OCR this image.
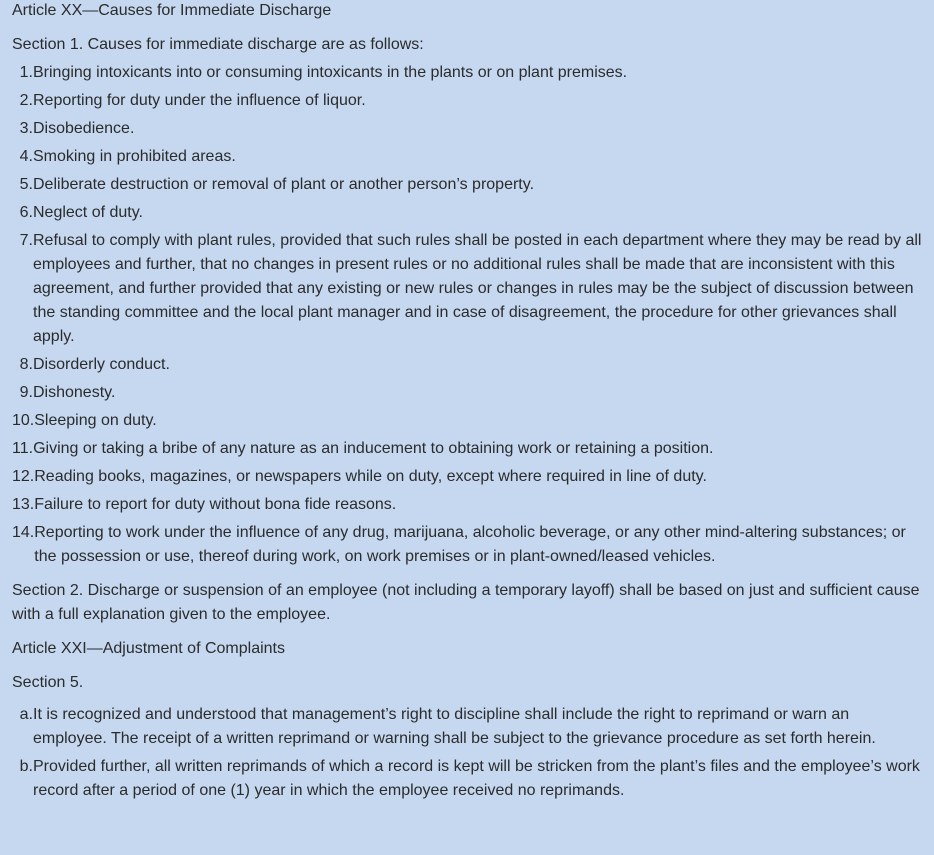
Article XX—Causes for Immediate Discharge

Section 1. Causes for immediate discharge are as follows:

1. Bringing intoxicants into or consuming intoxicants in the plants or on plant premises.
2. Reporting for duty under the influence of liquor.
3. Disobedience.
4. Smoking in prohibited areas.
5. Deliberate destruction or removal of plant or another person’s property.
6. Neglect of duty.
7. Refusal to comply with plant rules, provided that such rules shall be posted in each department where they may be read by all employees and further, that no changes in present rules or no additional rules shall be made that are inconsistent with this agreement, and further provided that any existing or new rules or changes in rules may be the subject of discussion between the standing committee and the local plant manager and in case of disagreement, the procedure for other grievances shall apply.
8. Disorderly conduct.
9. Dishonesty.
10. Sleeping on duty.
11. Giving or taking a bribe of any nature as an inducement to obtaining work or retaining a position.
12. Reading books, magazines, or newspapers while on duty, except where required in line of duty.
13. Failure to report for duty without bona fide reasons.
14. Reporting to work under the influence of any drug, marijuana, alcoholic beverage, or any other mind-altering substances; or the possession or use, thereof during work, on work premises or in plant-owned/leased vehicles.

Section 2. Discharge or suspension of an employee (not including a temporary layoff) shall be based on just and sufficient cause with a full explanation given to the employee.

Article XXI—Adjustment of Complaints

Section 5.

a. It is recognized and understood that management’s right to discipline shall include the right to reprimand or warn an employee. The receipt of a written reprimand or warning shall be subject to the grievance procedure as set forth herein.
b. Provided further, all written reprimands of which a record is kept will be stricken from the plant’s files and the employee’s work record after a period of one (1) year in which the employee received no reprimands.
